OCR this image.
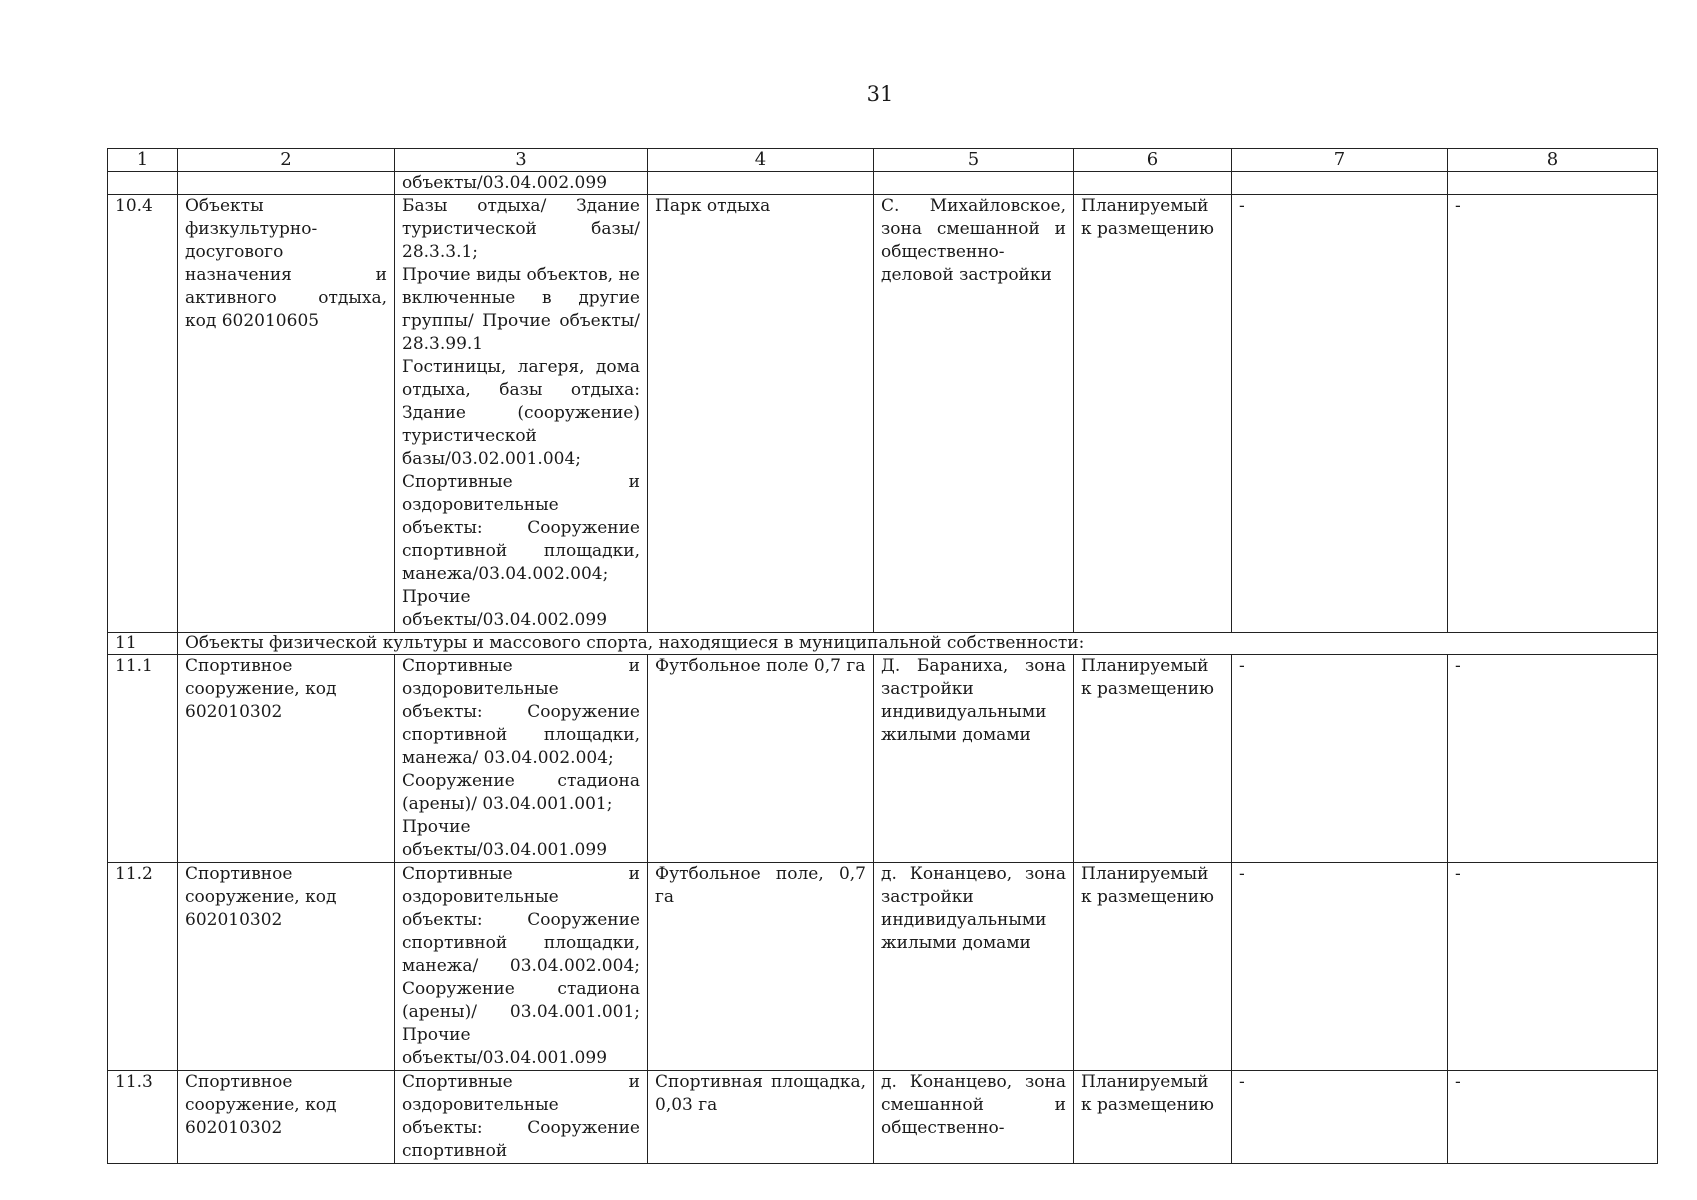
31
1	2	3	4	5	6	7	8
		объекты/03.04.002.099					
10.4	Объекты физкультурно-досугового назначения и активного отдыха, код 602010605	Базы отдыха/ Здание туристической базы/ 28.3.3.1;
Прочие виды объектов, не включенные в другие группы/ Прочие объекты/ 28.3.99.1
Гостиницы, лагеря, дома отдыха, базы отдыха: Здание (сооружение) туристической базы/03.02.001.004;
Спортивные и оздоровительные объекты: Сооружение спортивной площадки, манежа/03.04.002.004;
Прочие объекты/03.04.002.099	Парк отдыха	С. Михайловское, зона смешанной и общественно-деловой застройки	Планируемый к размещению	-	-
11	Объекты физической культуры и массового спорта, находящиеся в муниципальной собственности:						
11.1	Спортивное сооружение, код 602010302	Спортивные и оздоровительные объекты: Сооружение спортивной площадки, манежа/ 03.04.002.004;
Сооружение стадиона (арены)/ 03.04.001.001;
Прочие объекты/03.04.001.099	Футбольное поле 0,7 га	Д. Бараниха, зона застройки индивидуальными жилыми домами	Планируемый к размещению	-	-
11.2	Спортивное сооружение, код 602010302	Спортивные и оздоровительные объекты: Сооружение спортивной площадки, манежа/ 03.04.002.004; Сооружение стадиона (арены)/ 03.04.001.001; Прочие объекты/03.04.001.099	Футбольное поле, 0,7 га	д. Конанцево, зона застройки индивидуальными жилыми домами	Планируемый к размещению	-	-
11.3	Спортивное сооружение, код 602010302	Спортивные и оздоровительные объекты: Сооружение спортивной	Спортивная площадка, 0,03 га	д. Конанцево, зона смешанной и общественно-	Планируемый к размещению	-	-
